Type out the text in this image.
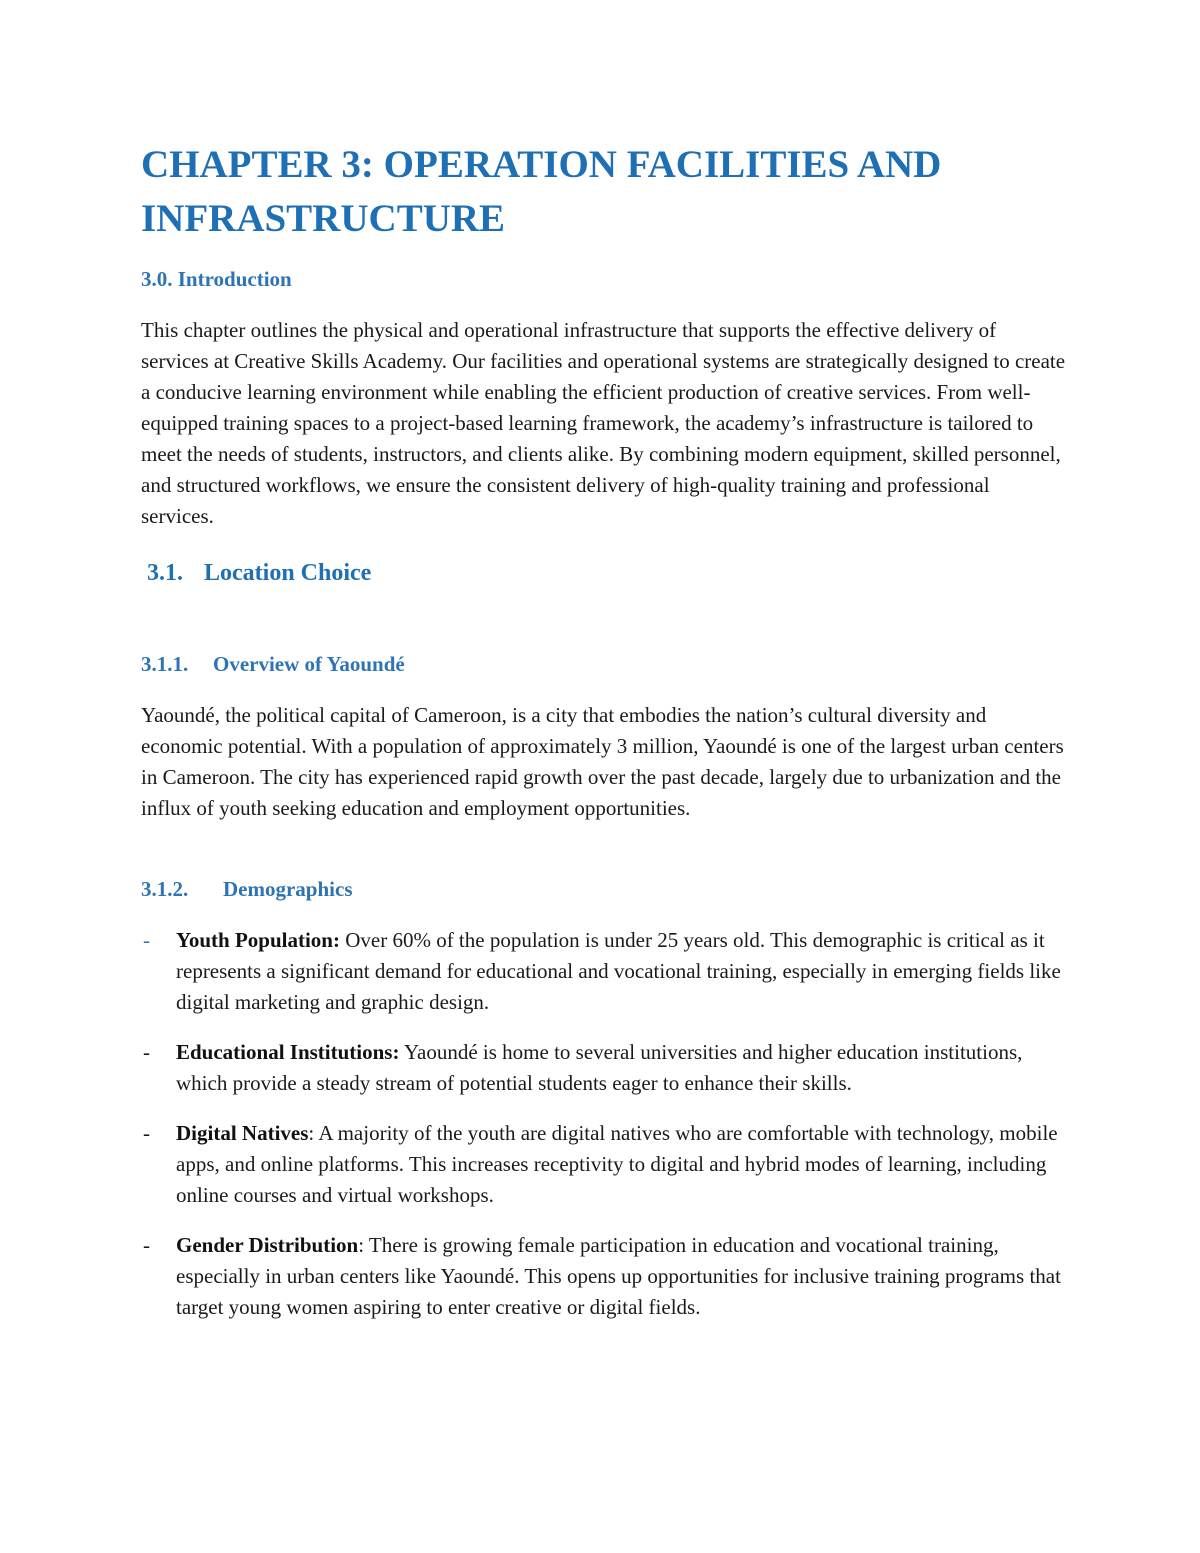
CHAPTER 3: OPERATION FACILITIES AND INFRASTRUCTURE
3.0. Introduction

This chapter outlines the physical and operational infrastructure that supports the effective delivery of services at Creative Skills Academy. Our facilities and operational systems are strategically designed to create a conducive learning environment while enabling the efficient production of creative services. From well-equipped training spaces to a project-based learning framework, the academy’s infrastructure is tailored to meet the needs of students, instructors, and clients alike. By combining modern equipment, skilled personnel, and structured workflows, we ensure the consistent delivery of high-quality training and professional services.

3.1. Location Choice
3.1.1. Overview of Yaoundé

Yaoundé, the political capital of Cameroon, is a city that embodies the nation’s cultural diversity and economic potential. With a population of approximately 3 million, Yaoundé is one of the largest urban centers in Cameroon. The city has experienced rapid growth over the past decade, largely due to urbanization and the influx of youth seeking education and employment opportunities.

3.1.2. Demographics
- Youth Population: Over 60% of the population is under 25 years old. This demographic is critical as it represents a significant demand for educational and vocational training, especially in emerging fields like digital marketing and graphic design.
- Educational Institutions: Yaoundé is home to several universities and higher education institutions, which provide a steady stream of potential students eager to enhance their skills.
- Digital Natives: A majority of the youth are digital natives who are comfortable with technology, mobile apps, and online platforms. This increases receptivity to digital and hybrid modes of learning, including online courses and virtual workshops.
- Gender Distribution: There is growing female participation in education and vocational training, especially in urban centers like Yaoundé. This opens up opportunities for inclusive training programs that target young women aspiring to enter creative or digital fields.
